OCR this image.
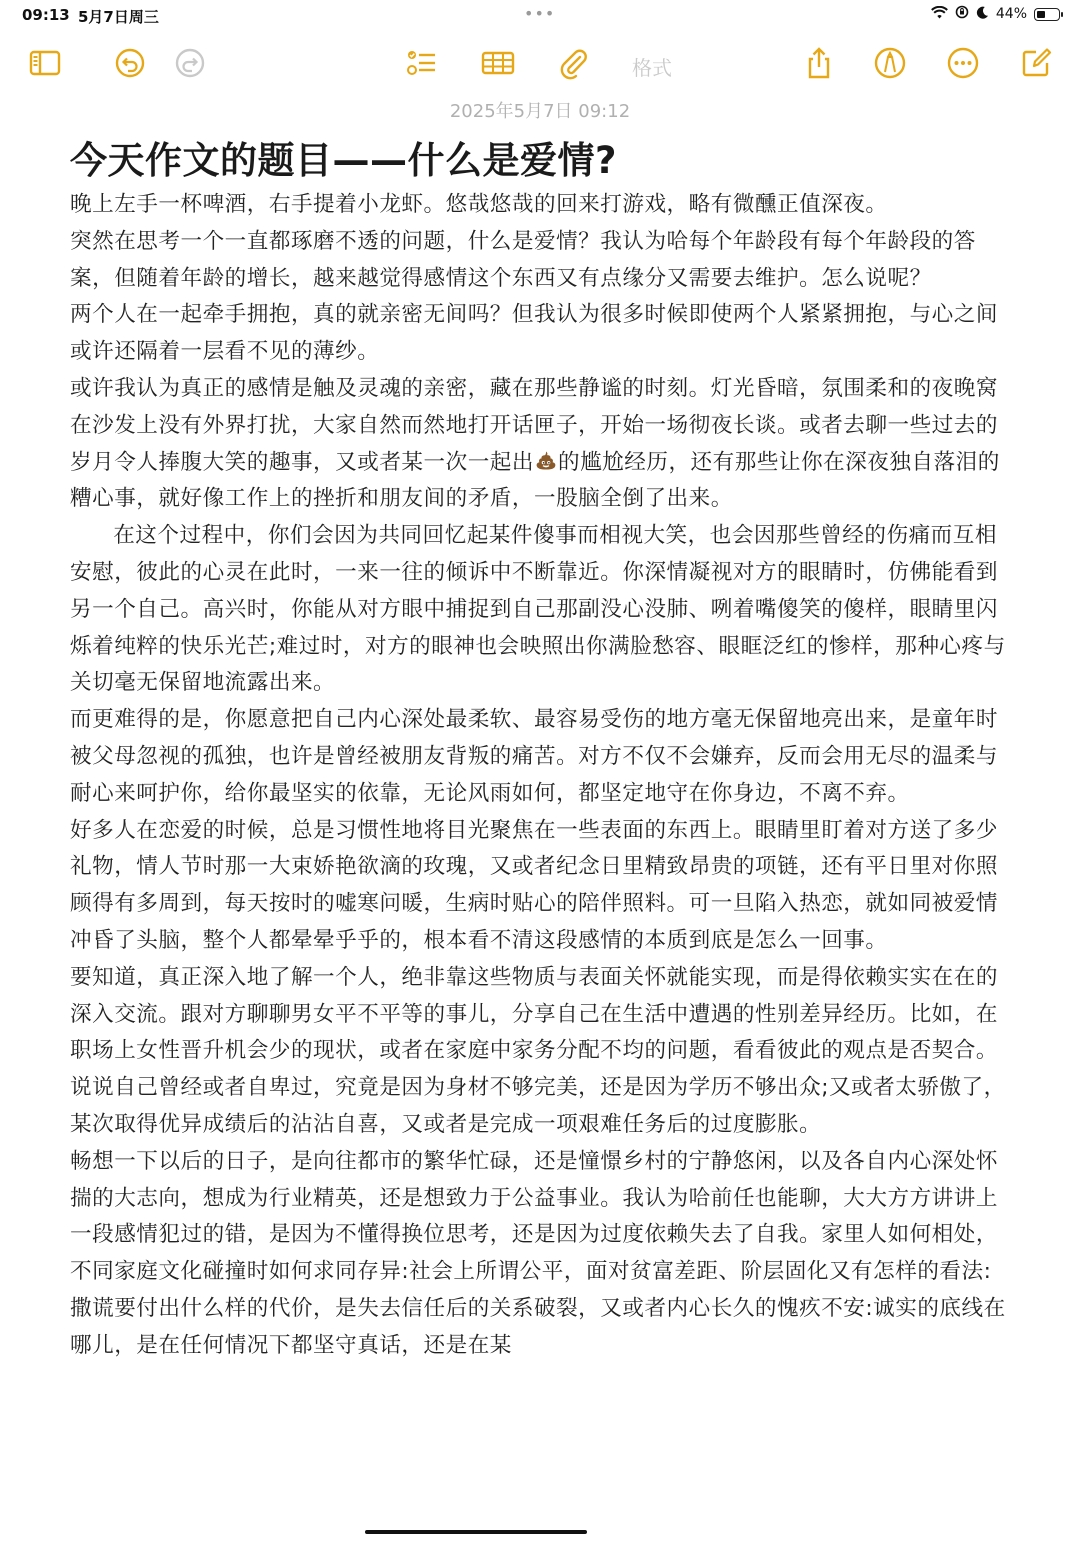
09:13 5月7日周三	•••	44%
格式
2025年5月7日 09:12
今天作文的题目——什么是爱情?

晚上左手一杯啤酒，右手提着小龙虾。悠哉悠哉的回来打游戏，略有微醺正值深夜。

突然在思考一个一直都琢磨不透的问题，什么是爱情？我认为哈每个年龄段有每个年龄段的答案，但随着年龄的增长，越来越觉得感情这个东西又有点缘分又需要去维护。怎么说呢？

两个人在一起牵手拥抱，真的就亲密无间吗？但我认为很多时候即使两个人紧紧拥抱，与心之间或许还隔着一层看不见的薄纱。

或许我认为真正的感情是触及灵魂的亲密，藏在那些静谧的时刻。灯光昏暗，氛围柔和的夜晚窝在沙发上没有外界打扰，大家自然而然地打开话匣子，开始一场彻夜长谈。或者去聊一些过去的岁月令人捧腹大笑的趣事，又或者某一次一起出 的尴尬经历，还有那些让你在深夜独自落泪的糟心事，就好像工作上的挫折和朋友间的矛盾，一股脑全倒了出来。

在这个过程中，你们会因为共同回忆起某件傻事而相视大笑，也会因那些曾经的伤痛而互相安慰，彼此的心灵在此时，一来一往的倾诉中不断靠近。你深情凝视对方的眼睛时，仿佛能看到另一个自己。高兴时，你能从对方眼中捕捉到自己那副没心没肺、咧着嘴傻笑的傻样，眼睛里闪烁着纯粹的快乐光芒;难过时，对方的眼神也会映照出你满脸愁容、眼眶泛红的惨样，那种心疼与关切毫无保留地流露出来。

而更难得的是，你愿意把自己内心深处最柔软、最容易受伤的地方毫无保留地亮出来，是童年时被父母忽视的孤独，也许是曾经被朋友背叛的痛苦。对方不仅不会嫌弃，反而会用无尽的温柔与耐心来呵护你，给你最坚实的依靠，无论风雨如何，都坚定地守在你身边，不离不弃。

好多人在恋爱的时候，总是习惯性地将目光聚焦在一些表面的东西上。眼睛里盯着对方送了多少礼物，情人节时那一大束娇艳欲滴的玫瑰，又或者纪念日里精致昂贵的项链，还有平日里对你照顾得有多周到，每天按时的嘘寒问暖，生病时贴心的陪伴照料。可一旦陷入热恋，就如同被爱情冲昏了头脑，整个人都晕晕乎乎的，根本看不清这段感情的本质到底是怎么一回事。

要知道，真正深入地了解一个人，绝非靠这些物质与表面关怀就能实现，而是得依赖实实在在的深入交流。跟对方聊聊男女平不平等的事儿，分享自己在生活中遭遇的性别差异经历。比如，在职场上女性晋升机会少的现状，或者在家庭中家务分配不均的问题，看看彼此的观点是否契合。说说自己曾经或者自卑过，究竟是因为身材不够完美，还是因为学历不够出众;又或者太骄傲了，某次取得优异成绩后的沾沾自喜，又或者是完成一项艰难任务后的过度膨胀。

畅想一下以后的日子，是向往都市的繁华忙碌，还是憧憬乡村的宁静悠闲，以及各自内心深处怀揣的大志向，想成为行业精英，还是想致力于公益事业。我认为哈前任也能聊，大大方方讲讲上一段感情犯过的错，是因为不懂得换位思考，还是因为过度依赖失去了自我。家里人如何相处，不同家庭文化碰撞时如何求同存异:社会上所谓公平，面对贫富差距、阶层固化又有怎样的看法:撒谎要付出什么样的代价，是失去信任后的关系破裂，又或者内心长久的愧疚不安:诚实的底线在哪儿，是在任何情况下都坚守真话，还是在某
